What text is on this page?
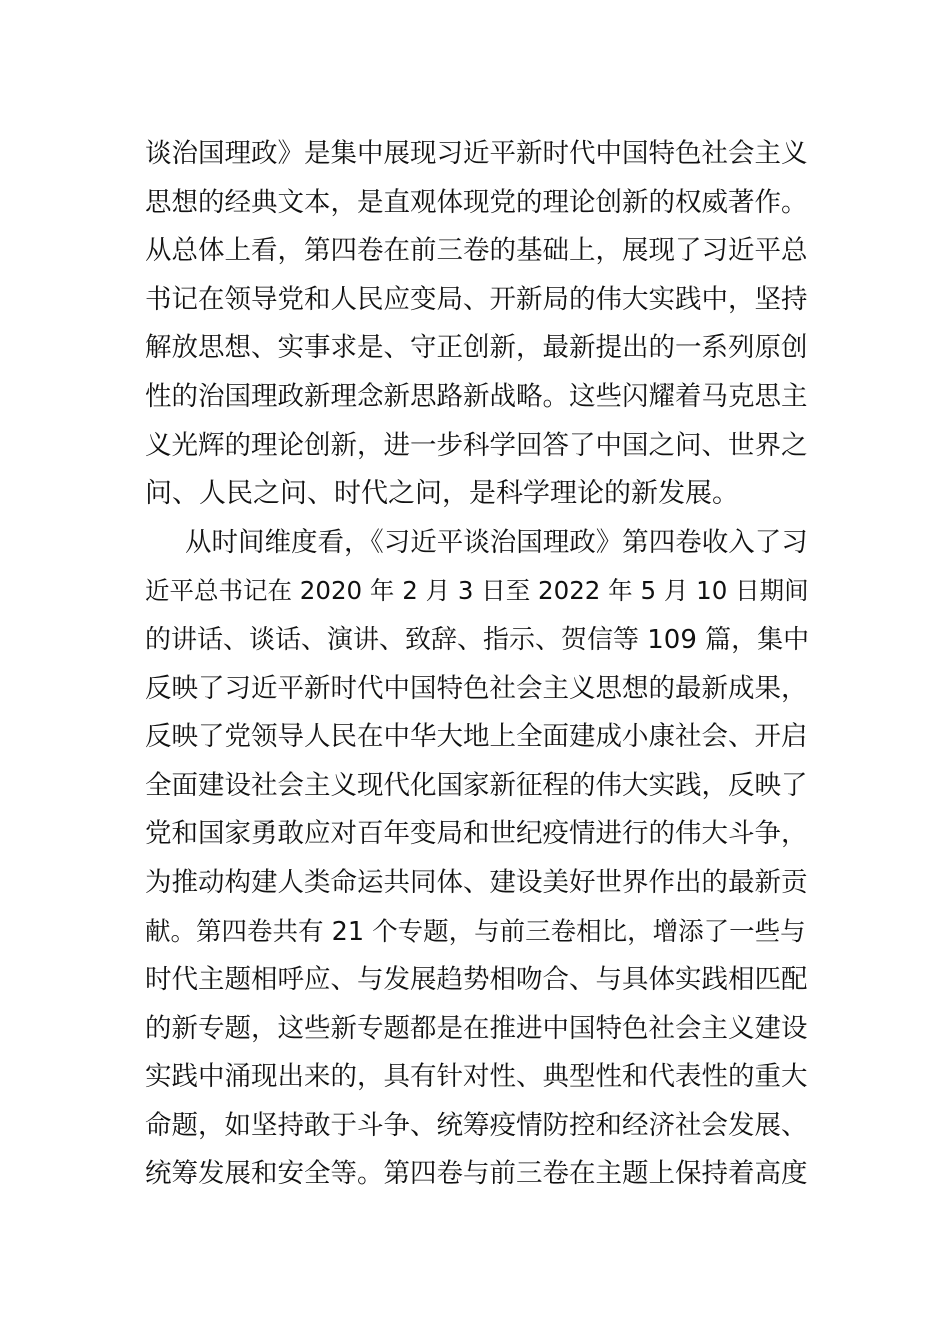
谈治国理政》是集中展现习近平新时代中国特色社会主义
思想的经典文本，是直观体现党的理论创新的权威著作。
从总体上看，第四卷在前三卷的基础上，展现了习近平总
书记在领导党和人民应变局、开新局的伟大实践中，坚持
解放思想、实事求是、守正创新，最新提出的一系列原创
性的治国理政新理念新思路新战略。这些闪耀着马克思主
义光辉的理论创新，进一步科学回答了中国之问、世界之
问、人民之问、时代之问，是科学理论的新发展。
从时间维度看，《习近平谈治国理政》第四卷收入了习
近平总书记在 2020 年 2 月 3 日至 2022 年 5 月 10 日期间
的讲话、谈话、演讲、致辞、指示、贺信等 109 篇，集中
反映了习近平新时代中国特色社会主义思想的最新成果，
反映了党领导人民在中华大地上全面建成小康社会、开启
全面建设社会主义现代化国家新征程的伟大实践，反映了
党和国家勇敢应对百年变局和世纪疫情进行的伟大斗争，
为推动构建人类命运共同体、建设美好世界作出的最新贡
献。第四卷共有 21 个专题，与前三卷相比，增添了一些与
时代主题相呼应、与发展趋势相吻合、与具体实践相匹配
的新专题，这些新专题都是在推进中国特色社会主义建设
实践中涌现出来的，具有针对性、典型性和代表性的重大
命题，如坚持敢于斗争、统筹疫情防控和经济社会发展、
统筹发展和安全等。第四卷与前三卷在主题上保持着高度
